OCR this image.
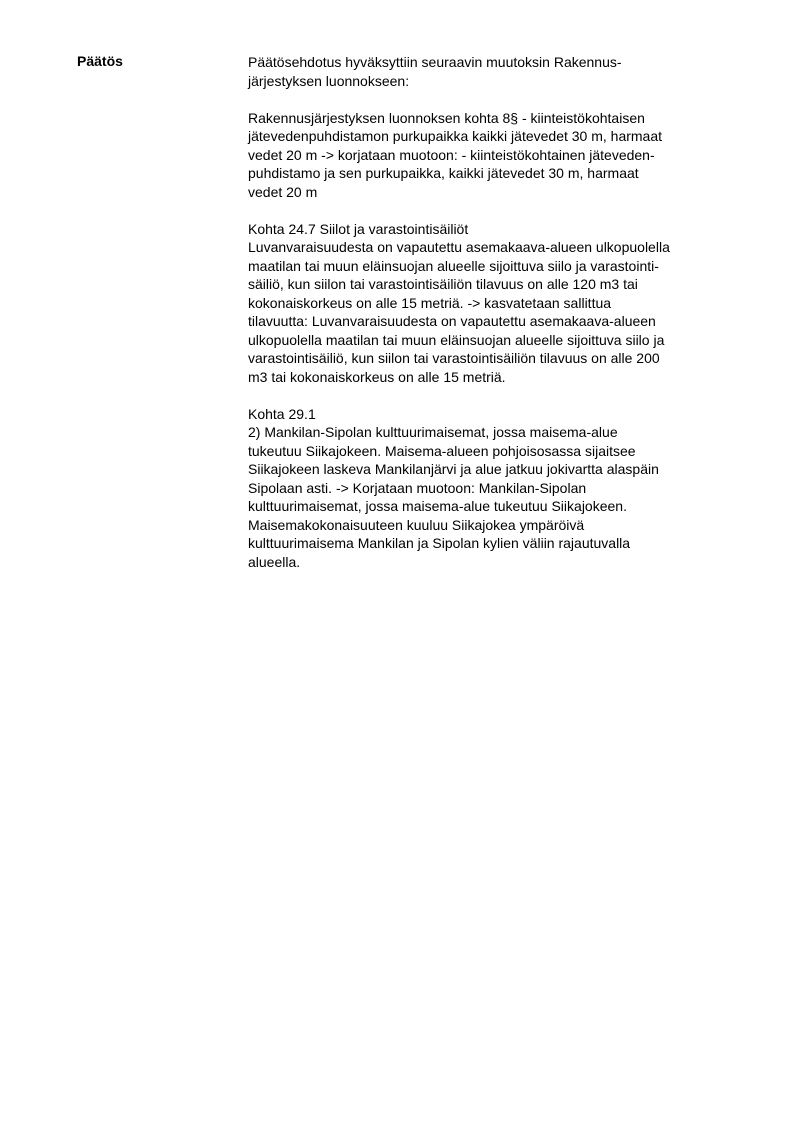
Päätös	Päätösehdotus hyväksyttiin seuraavin muutoksin Rakennus-
järjestyksen luonnokseen:
Rakennusjärjestyksen luonnoksen kohta 8§ - kiinteistökohtaisen
jätevedenpuhdistamon purkupaikka kaikki jätevedet 30 m, harmaat
vedet 20 m -> korjataan muotoon: - kiinteistökohtainen jäteveden-
puhdistamo ja sen purkupaikka, kaikki jätevedet 30 m, harmaat
vedet 20 m
Kohta 24.7 Siilot ja varastointisäiliöt
Luvanvaraisuudesta on vapautettu asemakaava-alueen ulkopuolella
maatilan tai muun eläinsuojan alueelle sijoittuva siilo ja varastointi-
säiliö, kun siilon tai varastointisäiliön tilavuus on alle 120 m3 tai
kokonaiskorkeus on alle 15 metriä. -> kasvatetaan sallittua
tilavuutta: Luvanvaraisuudesta on vapautettu asemakaava-alueen
ulkopuolella maatilan tai muun eläinsuojan alueelle sijoittuva siilo ja
varastointisäiliö, kun siilon tai varastointisäiliön tilavuus on alle 200
m3 tai kokonaiskorkeus on alle 15 metriä.
Kohta 29.1
2) Mankilan-Sipolan kulttuurimaisemat, jossa maisema-alue
tukeutuu Siikajokeen. Maisema-alueen pohjoisosassa sijaitsee
Siikajokeen laskeva Mankilanjärvi ja alue jatkuu jokivartta alaspäin
Sipolaan asti. -> Korjataan muotoon: Mankilan-Sipolan
kulttuurimaisemat, jossa maisema-alue tukeutuu Siikajokeen.
Maisemakokonaisuuteen kuuluu Siikajokea ympäröivä
kulttuurimaisema Mankilan ja Sipolan kylien väliin rajautuvalla
alueella.
